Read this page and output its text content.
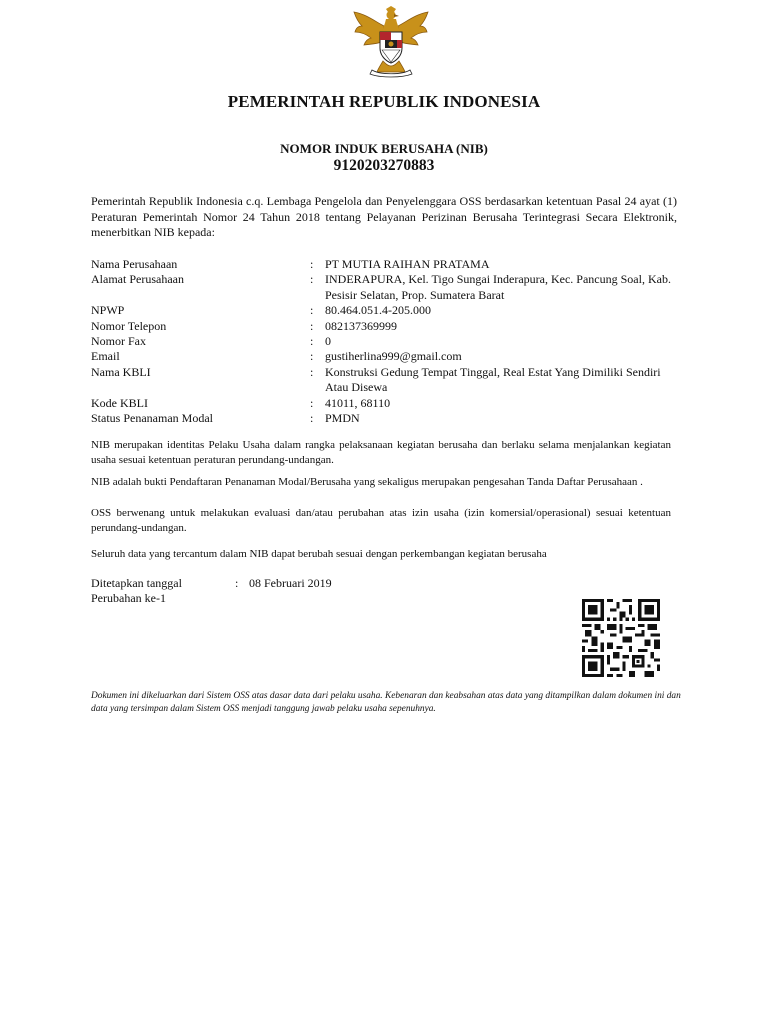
PEMERINTAH REPUBLIK INDONESIA
NOMOR INDUK BERUSAHA (NIB)
9120203270883
Pemerintah Republik Indonesia c.q. Lembaga Pengelola dan Penyelenggara OSS berdasarkan ketentuan Pasal 24 ayat (1) Peraturan Pemerintah Nomor 24 Tahun 2018 tentang Pelayanan Perizinan Berusaha Terintegrasi Secara Elektronik, menerbitkan NIB kepada:
Nama Perusahaan	: PT MUTIA RAIHAN PRATAMA
Alamat Perusahaan	: INDERAPURA, Kel. Tigo Sungai Inderapura, Kec. Pancung Soal, Kab. Pesisir Selatan, Prop. Sumatera Barat
NPWP	: 80.464.051.4-205.000
Nomor Telepon	: 082137369999
Nomor Fax	: 0
Email	: gustiherlina999@gmail.com
Nama KBLI	: Konstruksi Gedung Tempat Tinggal, Real Estat Yang Dimiliki Sendiri Atau Disewa
Kode KBLI	: 41011, 68110
Status Penanaman Modal	: PMDN
NIB merupakan identitas Pelaku Usaha dalam rangka pelaksanaan kegiatan berusaha dan berlaku selama menjalankan kegiatan usaha sesuai ketentuan peraturan perundang-undangan.
NIB adalah bukti Pendaftaran Penanaman Modal/Berusaha yang sekaligus merupakan pengesahan Tanda Daftar Perusahaan .
OSS berwenang untuk melakukan evaluasi dan/atau perubahan atas izin usaha (izin komersial/operasional) sesuai ketentuan perundang-undangan.
Seluruh data yang tercantum dalam NIB dapat berubah sesuai dengan perkembangan kegiatan berusaha
Ditetapkan tanggal	: 08 Februari 2019
Perubahan ke-1
Dokumen ini dikeluarkan dari Sistem OSS atas dasar data dari pelaku usaha. Kebenaran dan keabsahan atas data yang ditampilkan dalam dokumen ini dan data yang tersimpan dalam Sistem OSS menjadi tanggung jawab pelaku usaha sepenuhnya.
